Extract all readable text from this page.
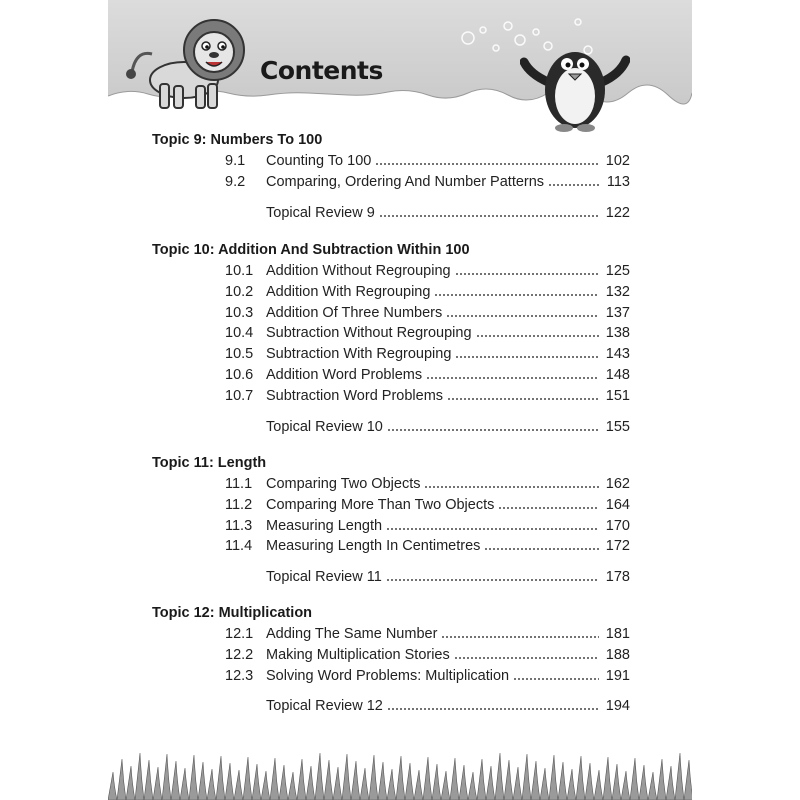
Contents
Topic 9: Numbers To 100
9.1 Counting To 100	102
9.2 Comparing, Ordering And Number Patterns	113
Topical Review 9	122
Topic 10: Addition And Subtraction Within 100
10.1 Addition Without Regrouping	125
10.2 Addition With Regrouping	132
10.3 Addition Of Three Numbers	137
10.4 Subtraction Without Regrouping	138
10.5 Subtraction With Regrouping	143
10.6 Addition Word Problems	148
10.7 Subtraction Word Problems	151
Topical Review 10	155
Topic 11: Length
11.1 Comparing Two Objects	162
11.2 Comparing More Than Two Objects	164
11.3 Measuring Length	170
11.4 Measuring Length In Centimetres	172
Topical Review 11	178
Topic 12: Multiplication
12.1 Adding The Same Number	181
12.2 Making Multiplication Stories	188
12.3 Solving Word Problems: Multiplication	191
Topical Review 12	194
